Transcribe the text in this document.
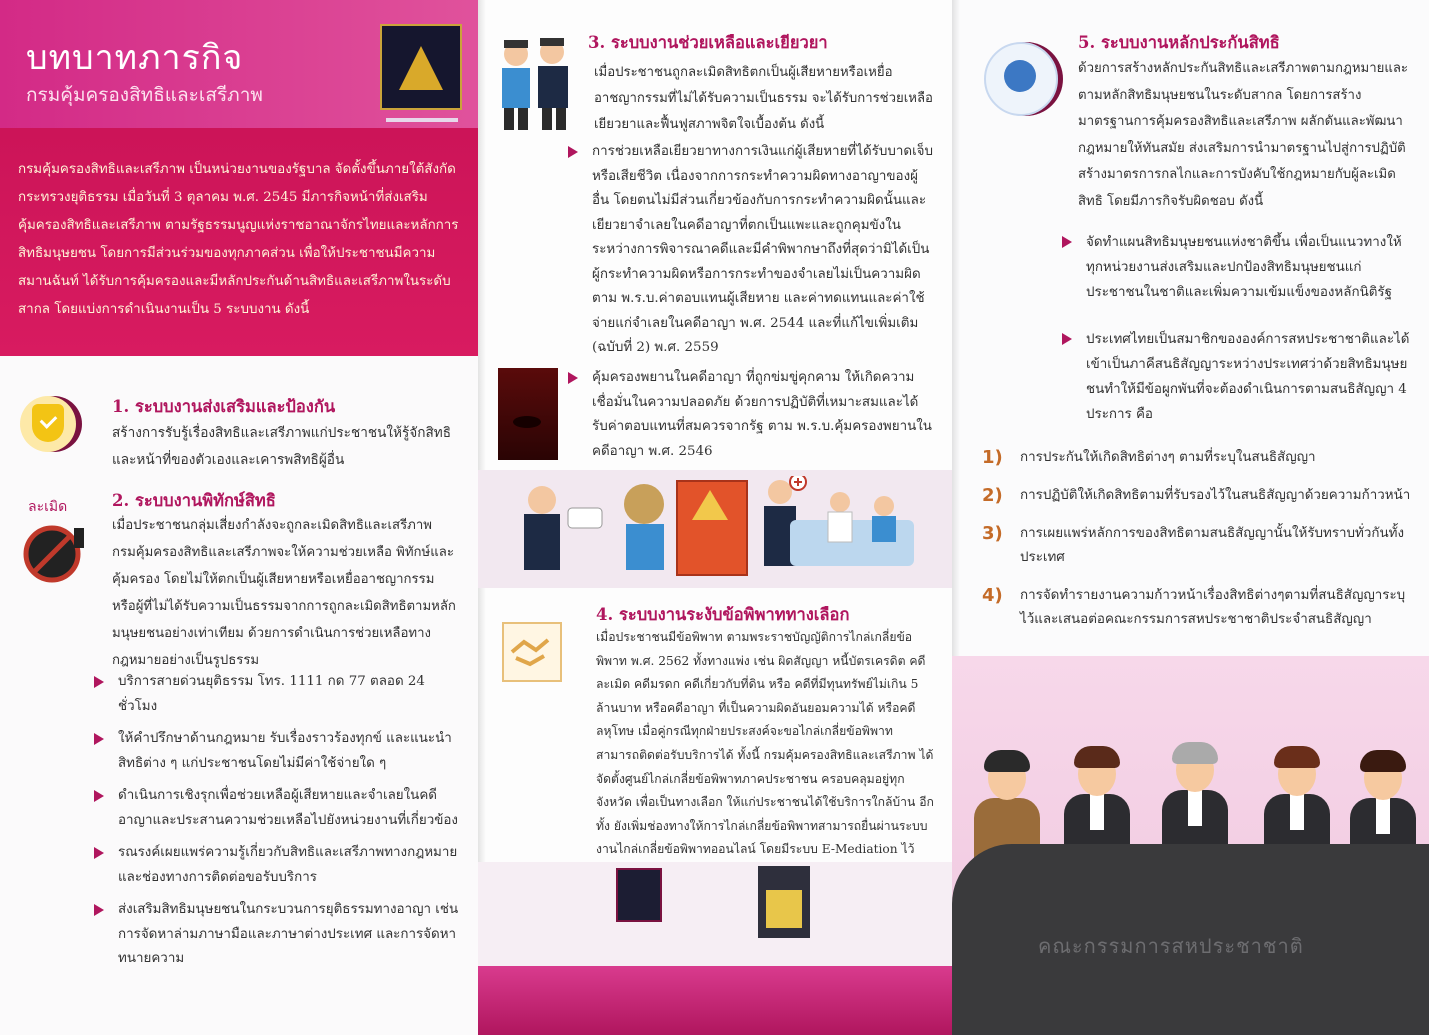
บทบาทภารกิจ
กรมคุ้มครองสิทธิและเสรีภาพ

กรมคุ้มครองสิทธิและเสรีภาพ เป็นหน่วยงานของรัฐบาล จัดตั้งขึ้นภายใต้สังกัดกระทรวงยุติธรรม เมื่อวันที่ 3 ตุลาคม พ.ศ. 2545 มีภารกิจหน้าที่ส่งเสริม คุ้มครองสิทธิและเสรีภาพ ตามรัฐธรรมนูญแห่งราชอาณาจักรไทยและหลักการสิทธิมนุษยชน โดยการมีส่วนร่วมของทุกภาคส่วน เพื่อให้ประชาชนมีความสมานฉันท์ ได้รับการคุ้มครองและมีหลักประกันด้านสิทธิและเสรีภาพในระดับสากล โดยแบ่งการดำเนินงานเป็น 5 ระบบงาน ดังนี้

1. ระบบงานส่งเสริมและป้องกัน

สร้างการรับรู้เรื่องสิทธิและเสรีภาพแก่ประชาชนให้รู้จักสิทธิและหน้าที่ของตัวเองและเคารพสิทธิผู้อื่น

ละเมิด	2. ระบบงานพิทักษ์สิทธิ

เมื่อประชาชนกลุ่มเสี่ยงกำลังจะถูกละเมิดสิทธิและเสรีภาพ กรมคุ้มครองสิทธิและเสรีภาพจะให้ความช่วยเหลือ พิทักษ์และคุ้มครอง โดยไม่ให้ตกเป็นผู้เสียหายหรือเหยื่ออาชญากรรม หรือผู้ที่ไม่ได้รับความเป็นธรรมจากการถูกละเมิดสิทธิตามหลักมนุษยชนอย่างเท่าเทียม ด้วยการดำเนินการช่วยเหลือทางกฎหมายอย่างเป็นรูปธรรม

บริการสายด่วนยุติธรรม โทร. 1111 กด 77 ตลอด 24 ชั่วโมง
ให้คำปรึกษาด้านกฎหมาย รับเรื่องราวร้องทุกข์ และแนะนำสิทธิต่าง ๆ แก่ประชาชนโดยไม่มีค่าใช้จ่ายใด ๆ
ดำเนินการเชิงรุกเพื่อช่วยเหลือผู้เสียหายและจำเลยในคดีอาญาและประสานความช่วยเหลือไปยังหน่วยงานที่เกี่ยวข้อง
รณรงค์เผยแพร่ความรู้เกี่ยวกับสิทธิและเสรีภาพทางกฎหมายและช่องทางการติดต่อขอรับบริการ
ส่งเสริมสิทธิมนุษยชนในกระบวนการยุติธรรมทางอาญา เช่น การจัดหาล่ามภาษามือและภาษาต่างประเทศ และการจัดหาทนายความ
3. ระบบงานช่วยเหลือและเยียวยา

เมื่อประชาชนถูกละเมิดสิทธิตกเป็นผู้เสียหายหรือเหยื่ออาชญากรรมที่ไม่ได้รับความเป็นธรรม จะได้รับการช่วยเหลือเยียวยาและฟื้นฟูสภาพจิตใจเบื้องต้น ดังนี้

การช่วยเหลือเยียวยาทางการเงินแก่ผู้เสียหายที่ได้รับบาดเจ็บหรือเสียชีวิต เนื่องจากการกระทำความผิดทางอาญาของผู้อื่น โดยตนไม่มีส่วนเกี่ยวข้องกับการกระทำความผิดนั้นและเยียวยาจำเลยในคดีอาญาที่ตกเป็นแพะและถูกคุมขังในระหว่างการพิจารณาคดีและมีคำพิพากษาถึงที่สุดว่ามิได้เป็นผู้กระทำความผิดหรือการกระทำของจำเลยไม่เป็นความผิด ตาม พ.ร.บ.ค่าตอบแทนผู้เสียหาย และค่าทดแทนและค่าใช้จ่ายแก่จำเลยในคดีอาญา พ.ศ. 2544 และที่แก้ไขเพิ่มเติม (ฉบับที่ 2) พ.ศ. 2559
คุ้มครองพยานในคดีอาญา ที่ถูกข่มขู่คุกคาม ให้เกิดความเชื่อมั่นในความปลอดภัย ด้วยการปฏิบัติที่เหมาะสมและได้รับค่าตอบแทนที่สมควรจากรัฐ ตาม พ.ร.บ.คุ้มครองพยานในคดีอาญา พ.ศ. 2546
4. ระบบงานระงับข้อพิพาททางเลือก

เมื่อประชาชนมีข้อพิพาท ตามพระราชบัญญัติการไกล่เกลี่ยข้อพิพาท พ.ศ. 2562 ทั้งทางแพ่ง เช่น ผิดสัญญา หนี้บัตรเครดิต คดีละเมิด คดีมรดก คดีเกี่ยวกับที่ดิน หรือ คดีที่มีทุนทรัพย์ไม่เกิน 5 ล้านบาท หรือคดีอาญา ที่เป็นความผิดอันยอมความได้ หรือคดีลหุโทษ เมื่อคู่กรณีทุกฝ่ายประสงค์จะขอไกล่เกลี่ยข้อพิพาท สามารถติดต่อรับบริการได้ ทั้งนี้ กรมคุ้มครองสิทธิและเสรีภาพ ได้จัดตั้งศูนย์ไกล่เกลี่ยข้อพิพาทภาคประชาชน ครอบคลุมอยู่ทุกจังหวัด เพื่อเป็นทางเลือก ให้แก่ประชาชนได้ใช้บริการใกล้บ้าน อีกทั้ง ยังเพิ่มช่องทางให้การไกล่เกลี่ยข้อพิพาทสามารถยื่นผ่านระบบงานไกล่เกลี่ยข้อพิพาทออนไลน์ โดยมีระบบ E-Mediation ไว้

5. ระบบงานหลักประกันสิทธิ

ด้วยการสร้างหลักประกันสิทธิและเสรีภาพตามกฎหมายและตามหลักสิทธิมนุษยชนในระดับสากล โดยการสร้างมาตรฐานการคุ้มครองสิทธิและเสรีภาพ ผลักดันและพัฒนากฎหมายให้ทันสมัย ส่งเสริมการนำมาตรฐานไปสู่การปฏิบัติ สร้างมาตรการกลไกและการบังคับใช้กฎหมายกับผู้ละเมิดสิทธิ โดยมีภารกิจรับผิดชอบ ดังนี้

จัดทำแผนสิทธิมนุษยชนแห่งชาติขึ้น เพื่อเป็นแนวทางให้ทุกหน่วยงานส่งเสริมและปกป้องสิทธิมนุษยชนแก่ประชาชนในชาติและเพิ่มความเข้มแข็งของหลักนิติรัฐ
ประเทศไทยเป็นสมาชิกขององค์การสหประชาชาติและได้เข้าเป็นภาคีสนธิสัญญาระหว่างประเทศว่าด้วยสิทธิมนุษยชนทำให้มีข้อผูกพันที่จะต้องดำเนินการตามสนธิสัญญา 4 ประการ คือ
1) การประกันให้เกิดสิทธิต่างๆ ตามที่ระบุในสนธิสัญญา
2) การปฏิบัติให้เกิดสิทธิตามที่รับรองไว้ในสนธิสัญญาด้วยความก้าวหน้า
3) การเผยแพร่หลักการของสิทธิตามสนธิสัญญานั้นให้รับทราบทั่วกันทั้งประเทศ
4) การจัดทำรายงานความก้าวหน้าเรื่องสิทธิต่างๆตามที่สนธิสัญญาระบุไว้และเสนอต่อคณะกรรมการสหประชาชาติประจำสนธิสัญญา
คณะกรรมการสหประชาชาติ
